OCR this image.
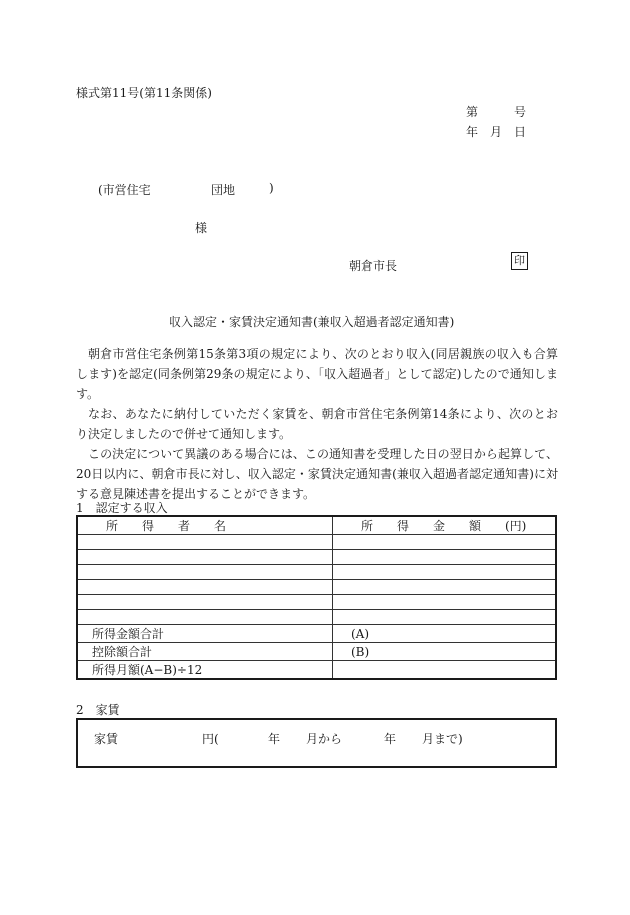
様式第11号(第11条関係)
第	号
年 月 日
(市営住宅	団地	)
様
朝倉市長	印
収入認定・家賃決定通知書(兼収入超過者認定通知書)

朝倉市営住宅条例第15条第3項の規定により、次のとおり収入(同居親族の収入も合算します)を認定(同条例第29条の規定により、「収入超過者」として認定)したので通知します。

なお、あなたに納付していただく家賃を、朝倉市営住宅条例第14条により、次のとおり決定しましたので併せて通知します。

この決定について異議のある場合には、この通知書を受理した日の翌日から起算して、20日以内に、朝倉市長に対し、収入認定・家賃決定通知書(兼収入超過者認定通知書)に対する意見陳述書を提出することができます。

1　認定する収入
所　　得　　者　　名	所　　得　　金　　額　　(円)

所得金額合計	(A)
控除額合計	(B)
所得月額(A−B)÷12	
2　家賃
家賃	円(	年 月から	年 月まで)
